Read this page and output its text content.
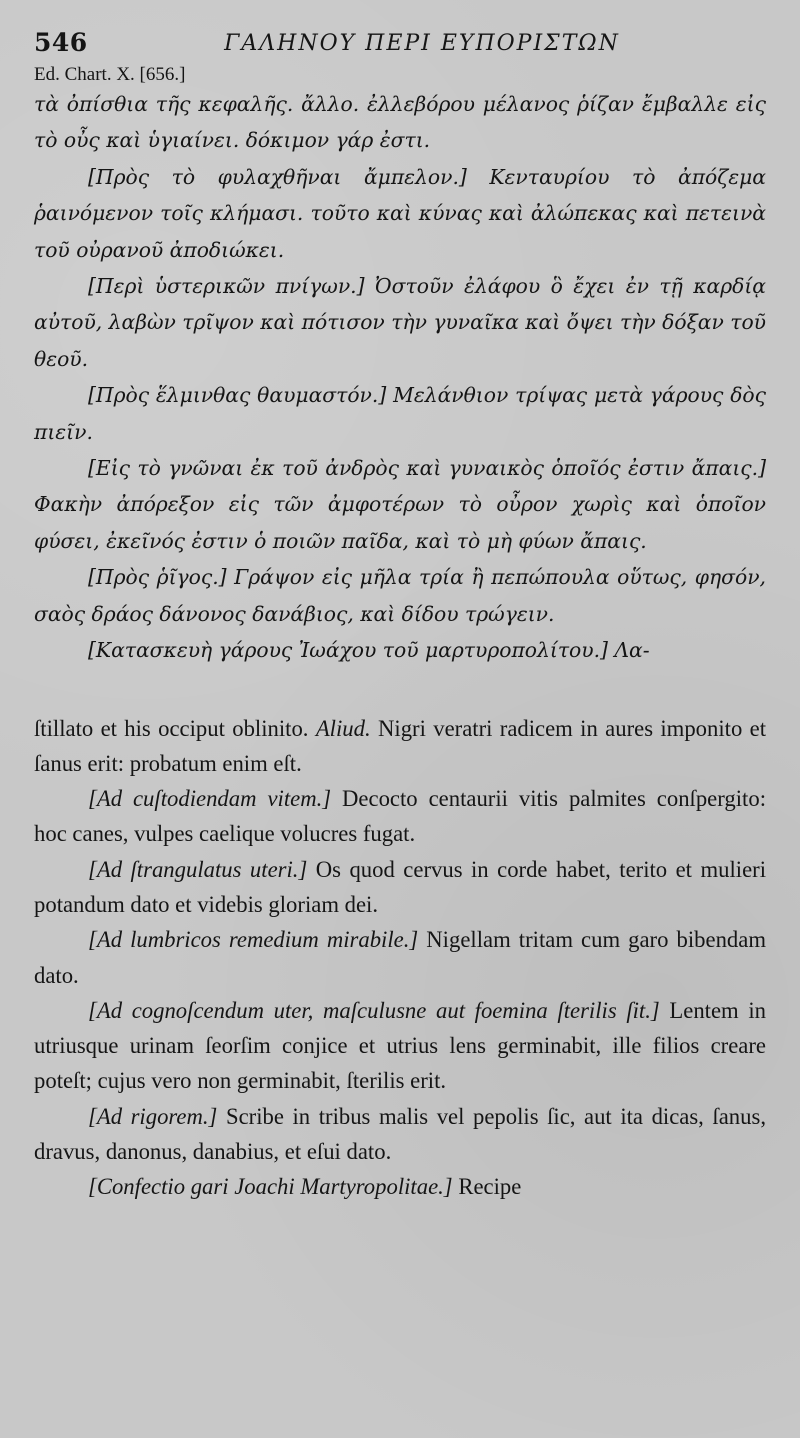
546	ΓΑΛΗΝΟΥ ΠΕΡΙ ΕΥΠΟΡΙΣΤΩΝ
Ed. Chart. X. [656.]

τὰ ὀπίσθια τῆς κεφαλῆς. ἄλλο. ἐλλεβόρου μέλανος ῥίζαν ἔμβαλλε εἰς τὸ οὖς καὶ ὑγιαίνει. δόκιμον γάρ ἐστι.

[Πρὸς τὸ φυλαχθῆναι ἄμπελον.] Κενταυρίου τὸ ἀπόζεμα ῥαινόμενον τοῖς κλήμασι. τοῦτο καὶ κύνας καὶ ἀλώπεκας καὶ πετεινὰ τοῦ οὐρανοῦ ἀποδιώκει.

[Περὶ ὑστερικῶν πνίγων.] Ὀστοῦν ἐλάφου ὃ ἔχει ἐν τῇ καρδίᾳ αὐτοῦ, λαβὼν τρῖψον καὶ πότισον τὴν γυναῖκα καὶ ὄψει τὴν δόξαν τοῦ θεοῦ.

[Πρὸς ἕλμινθας θαυμαστόν.] Μελάνθιον τρίψας μετὰ γάρους δὸς πιεῖν.

[Εἰς τὸ γνῶναι ἐκ τοῦ ἀνδρὸς καὶ γυναικὸς ὁποῖός ἐστιν ἄπαις.] Φακὴν ἀπόρεξον εἰς τῶν ἀμφοτέρων τὸ οὖρον χωρὶς καὶ ὁποῖον φύσει, ἐκεῖνός ἐστιν ὁ ποιῶν παῖδα, καὶ τὸ μὴ φύων ἄπαις.

[Πρὸς ῥῖγος.] Γράψον εἰς μῆλα τρία ἢ πεπώπουλα οὕτως, φησόν, σαὸς δράος δάνονος δανάβιος, καὶ δίδου τρώγειν.

[Κατασκευὴ γάρους Ἰωάχου τοῦ μαρτυροπολίτου.] Λα-

ſtillato et his occiput oblinito. Aliud. Nigri veratri radicem in aures imponito et ſanus erit: probatum enim eſt.

[Ad cuſtodiendam vitem.] Decocto centaurii vitis palmites conſpergito: hoc canes, vulpes caelique volucres fugat.

[Ad ſtrangulatus uteri.] Os quod cervus in corde habet, terito et mulieri potandum dato et videbis gloriam dei.

[Ad lumbricos remedium mirabile.] Nigellam tritam cum garo bibendam dato.

[Ad cognoſcendum uter, maſculusne aut foemina ſterilis ſit.] Lentem in utriusque urinam ſeorſim conjice et utrius lens germinabit, ille filios creare poteſt; cujus vero non germinabit, ſterilis erit.

[Ad rigorem.] Scribe in tribus malis vel pepolis ſic, aut ita dicas, ſanus, dravus, danonus, danabius, et eſui dato.

[Confectio gari Joachi Martyropolitae.] Recipe
